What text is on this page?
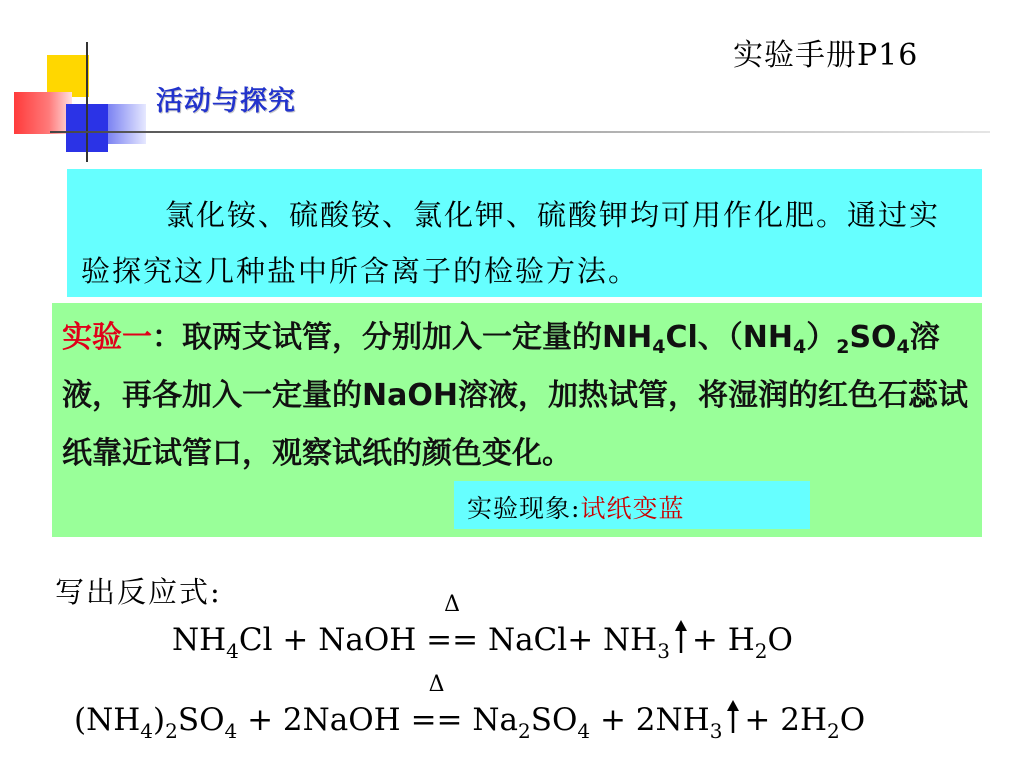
实验手册P16
活动与探究
氯化铵、硫酸铵、氯化钾、硫酸钾均可用作化肥。通过实验探究这几种盐中所含离子的检验方法。
实验一：取两支试管，分别加入一定量的$NH_4Cl$、$(NH_4)_2SO_4$溶液，再各加入一定量的NaOH溶液，加热试管，将湿润的红色石蕊试纸靠近试管口，观察试纸的颜色变化。
实验现象:试纸变蓝
写出反应式:
$NH_4Cl$ + NaOH
Δ
== NaCl+ $NH_3 + H_2O$
$(NH_4)_2SO_4$ + 2NaOH
Δ
== $Na_2SO_4 + 2NH_3 + 2H_2O$
